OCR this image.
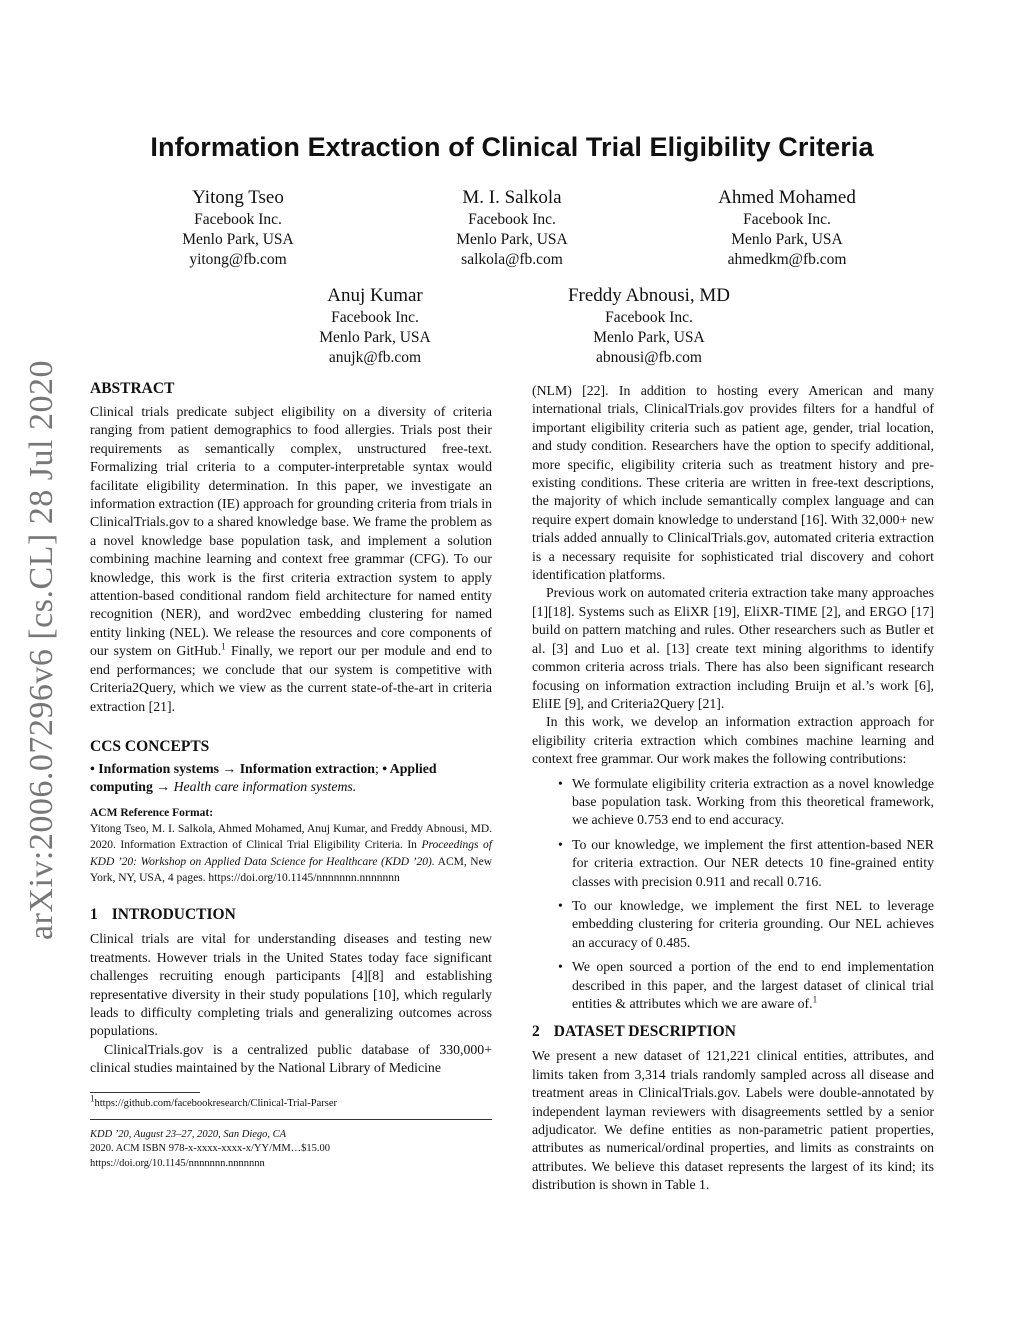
Information Extraction of Clinical Trial Eligibility Criteria
Yitong Tseo
Facebook Inc.
Menlo Park, USA
yitong@fb.com
M. I. Salkola
Facebook Inc.
Menlo Park, USA
salkola@fb.com
Ahmed Mohamed
Facebook Inc.
Menlo Park, USA
ahmedkm@fb.com
Anuj Kumar
Facebook Inc.
Menlo Park, USA
anujk@fb.com
Freddy Abnousi, MD
Facebook Inc.
Menlo Park, USA
abnousi@fb.com
arXiv:2006.07296v6 [cs.CL] 28 Jul 2020	ABSTRACT

Clinical trials predicate subject eligibility on a diversity of criteria ranging from patient demographics to food allergies. Trials post their requirements as semantically complex, unstructured free-text. Formalizing trial criteria to a computer-interpretable syntax would facilitate eligibility determination. In this paper, we investigate an information extraction (IE) approach for grounding criteria from trials in ClinicalTrials.gov to a shared knowledge base. We frame the problem as a novel knowledge base population task, and implement a solution combining machine learning and context free grammar (CFG). To our knowledge, this work is the first criteria extraction system to apply attention-based conditional random field architecture for named entity recognition (NER), and word2vec embedding clustering for named entity linking (NEL). We release the resources and core components of our system on GitHub.$^1$ Finally, we report our per module and end to end performances; we conclude that our system is competitive with Criteria2Query, which we view as the current state-of-the-art in criteria extraction [21].

CCS CONCEPTS
• Information systems → Information extraction; • Applied computing → Health care information systems.
ACM Reference Format:
Yitong Tseo, M. I. Salkola, Ahmed Mohamed, Anuj Kumar, and Freddy Abnousi, MD. 2020. Information Extraction of Clinical Trial Eligibility Criteria. In Proceedings of KDD ’20: Workshop on Applied Data Science for Healthcare (KDD ’20). ACM, New York, NY, USA, 4 pages. https://doi.org/10.1145/nnnnnnn.nnnnnnn
1 INTRODUCTION

Clinical trials are vital for understanding diseases and testing new treatments. However trials in the United States today face significant challenges recruiting enough participants [4][8] and establishing representative diversity in their study populations [10], which regularly leads to difficulty completing trials and generalizing outcomes across populations.

ClinicalTrials.gov is a centralized public database of 330,000+ clinical studies maintained by the National Library of Medicine

$^1$https://github.com/facebookresearch/Clinical-Trial-Parser
KDD ’20, August 23–27, 2020, San Diego, CA
2020. ACM ISBN 978-x-xxxx-xxxx-x/YY/MM…$15.00
https://doi.org/10.1145/nnnnnnn.nnnnnnn

(NLM) [22]. In addition to hosting every American and many international trials, ClinicalTrials.gov provides filters for a handful of important eligibility criteria such as patient age, gender, trial location, and study condition. Researchers have the option to specify additional, more specific, eligibility criteria such as treatment history and pre-existing conditions. These criteria are written in free-text descriptions, the majority of which include semantically complex language and can require expert domain knowledge to understand [16]. With 32,000+ new trials added annually to ClinicalTrials.gov, automated criteria extraction is a necessary requisite for sophisticated trial discovery and cohort identification platforms.

Previous work on automated criteria extraction take many approaches [1][18]. Systems such as EliXR [19], EliXR-TIME [2], and ERGO [17] build on pattern matching and rules. Other researchers such as Butler et al. [3] and Luo et al. [13] create text mining algorithms to identify common criteria across trials. There has also been significant research focusing on information extraction including Bruijn et al.’s work [6], EliIE [9], and Criteria2Query [21].

In this work, we develop an information extraction approach for eligibility criteria extraction which combines machine learning and context free grammar. Our work makes the following contributions:

• We formulate eligibility criteria extraction as a novel knowledge base population task. Working from this theoretical framework, we achieve 0.753 end to end accuracy.
• To our knowledge, we implement the first attention-based NER for criteria extraction. Our NER detects 10 fine-grained entity classes with precision 0.911 and recall 0.716.
• To our knowledge, we implement the first NEL to leverage embedding clustering for criteria grounding. Our NEL achieves an accuracy of 0.485.
• We open sourced a portion of the end to end implementation described in this paper, and the largest dataset of clinical trial entities & attributes which we are aware of.$^1$
2 DATASET DESCRIPTION

We present a new dataset of 121,221 clinical entities, attributes, and limits taken from 3,314 trials randomly sampled across all disease and treatment areas in ClinicalTrials.gov. Labels were double-annotated by independent layman reviewers with disagreements settled by a senior adjudicator. We define entities as non-parametric patient properties, attributes as numerical/ordinal properties, and limits as constraints on attributes. We believe this dataset represents the largest of its kind; its distribution is shown in Table 1.
